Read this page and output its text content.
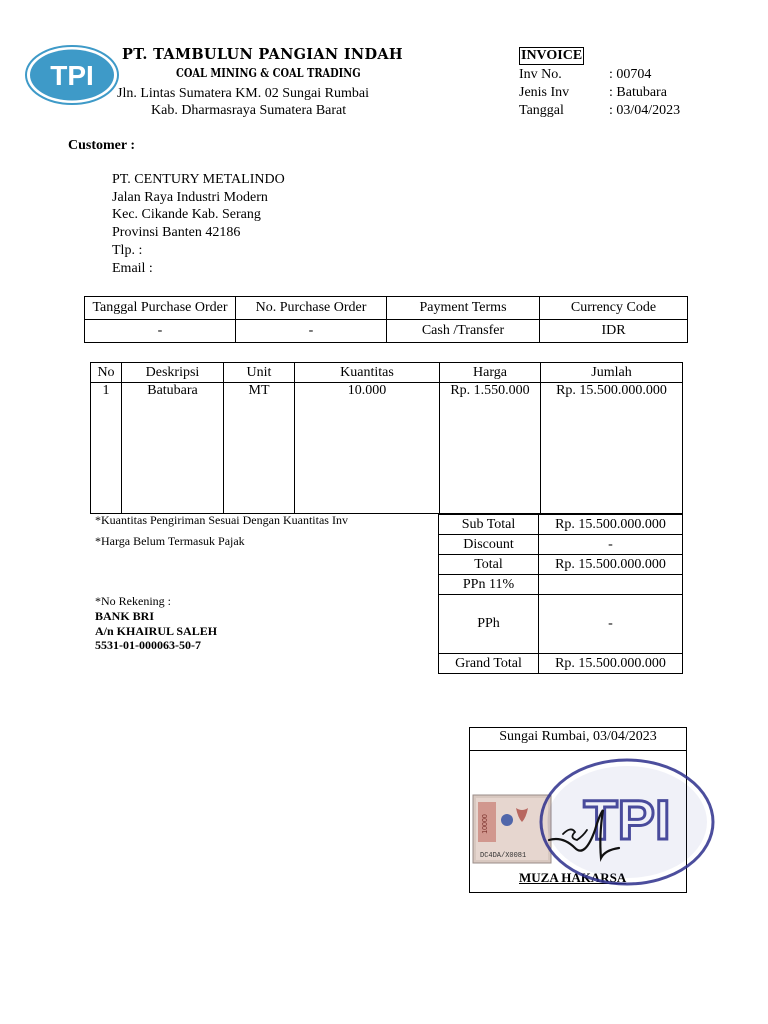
TPI
PT. TAMBULUN PANGIAN INDAH
COAL MINING & COAL TRADING
Jln. Lintas Sumatera KM. 02 Sungai Rumbai
Kab. Dharmasraya Sumatera Barat
INVOICE
Inv No.	: 00704
Jenis Inv	: Batubara
Tanggal	: 03/04/2023
Customer :
PT. CENTURY METALINDO
Jalan Raya Industri Modern
Kec. Cikande Kab. Serang
Provinsi Banten 42186
Tlp. :
Email :
Tanggal Purchase Order	No. Purchase Order	Payment Terms	Currency Code
-	-	Cash /Transfer	IDR
No	Deskripsi	Unit	Kuantitas	Harga	Jumlah
1	Batubara	MT	10.000	Rp. 1.550.000	Rp. 15.500.000.000
*Kuantitas Pengiriman Sesuai Dengan Kuantitas Inv
*Harga Belum Termasuk Pajak
Sub Total	Rp. 15.500.000.000
Discount	-
Total	Rp. 15.500.000.000
PPn 11%	
PPh	-
Grand Total	Rp. 15.500.000.000
*No Rekening :
BANK BRI
A/n KHAIRUL SALEH
5531-01-000063-50-7
Sungai Rumbai, 03/04/2023
MUZA HAKARSA
10000
DC4DA/X0081
TPI
